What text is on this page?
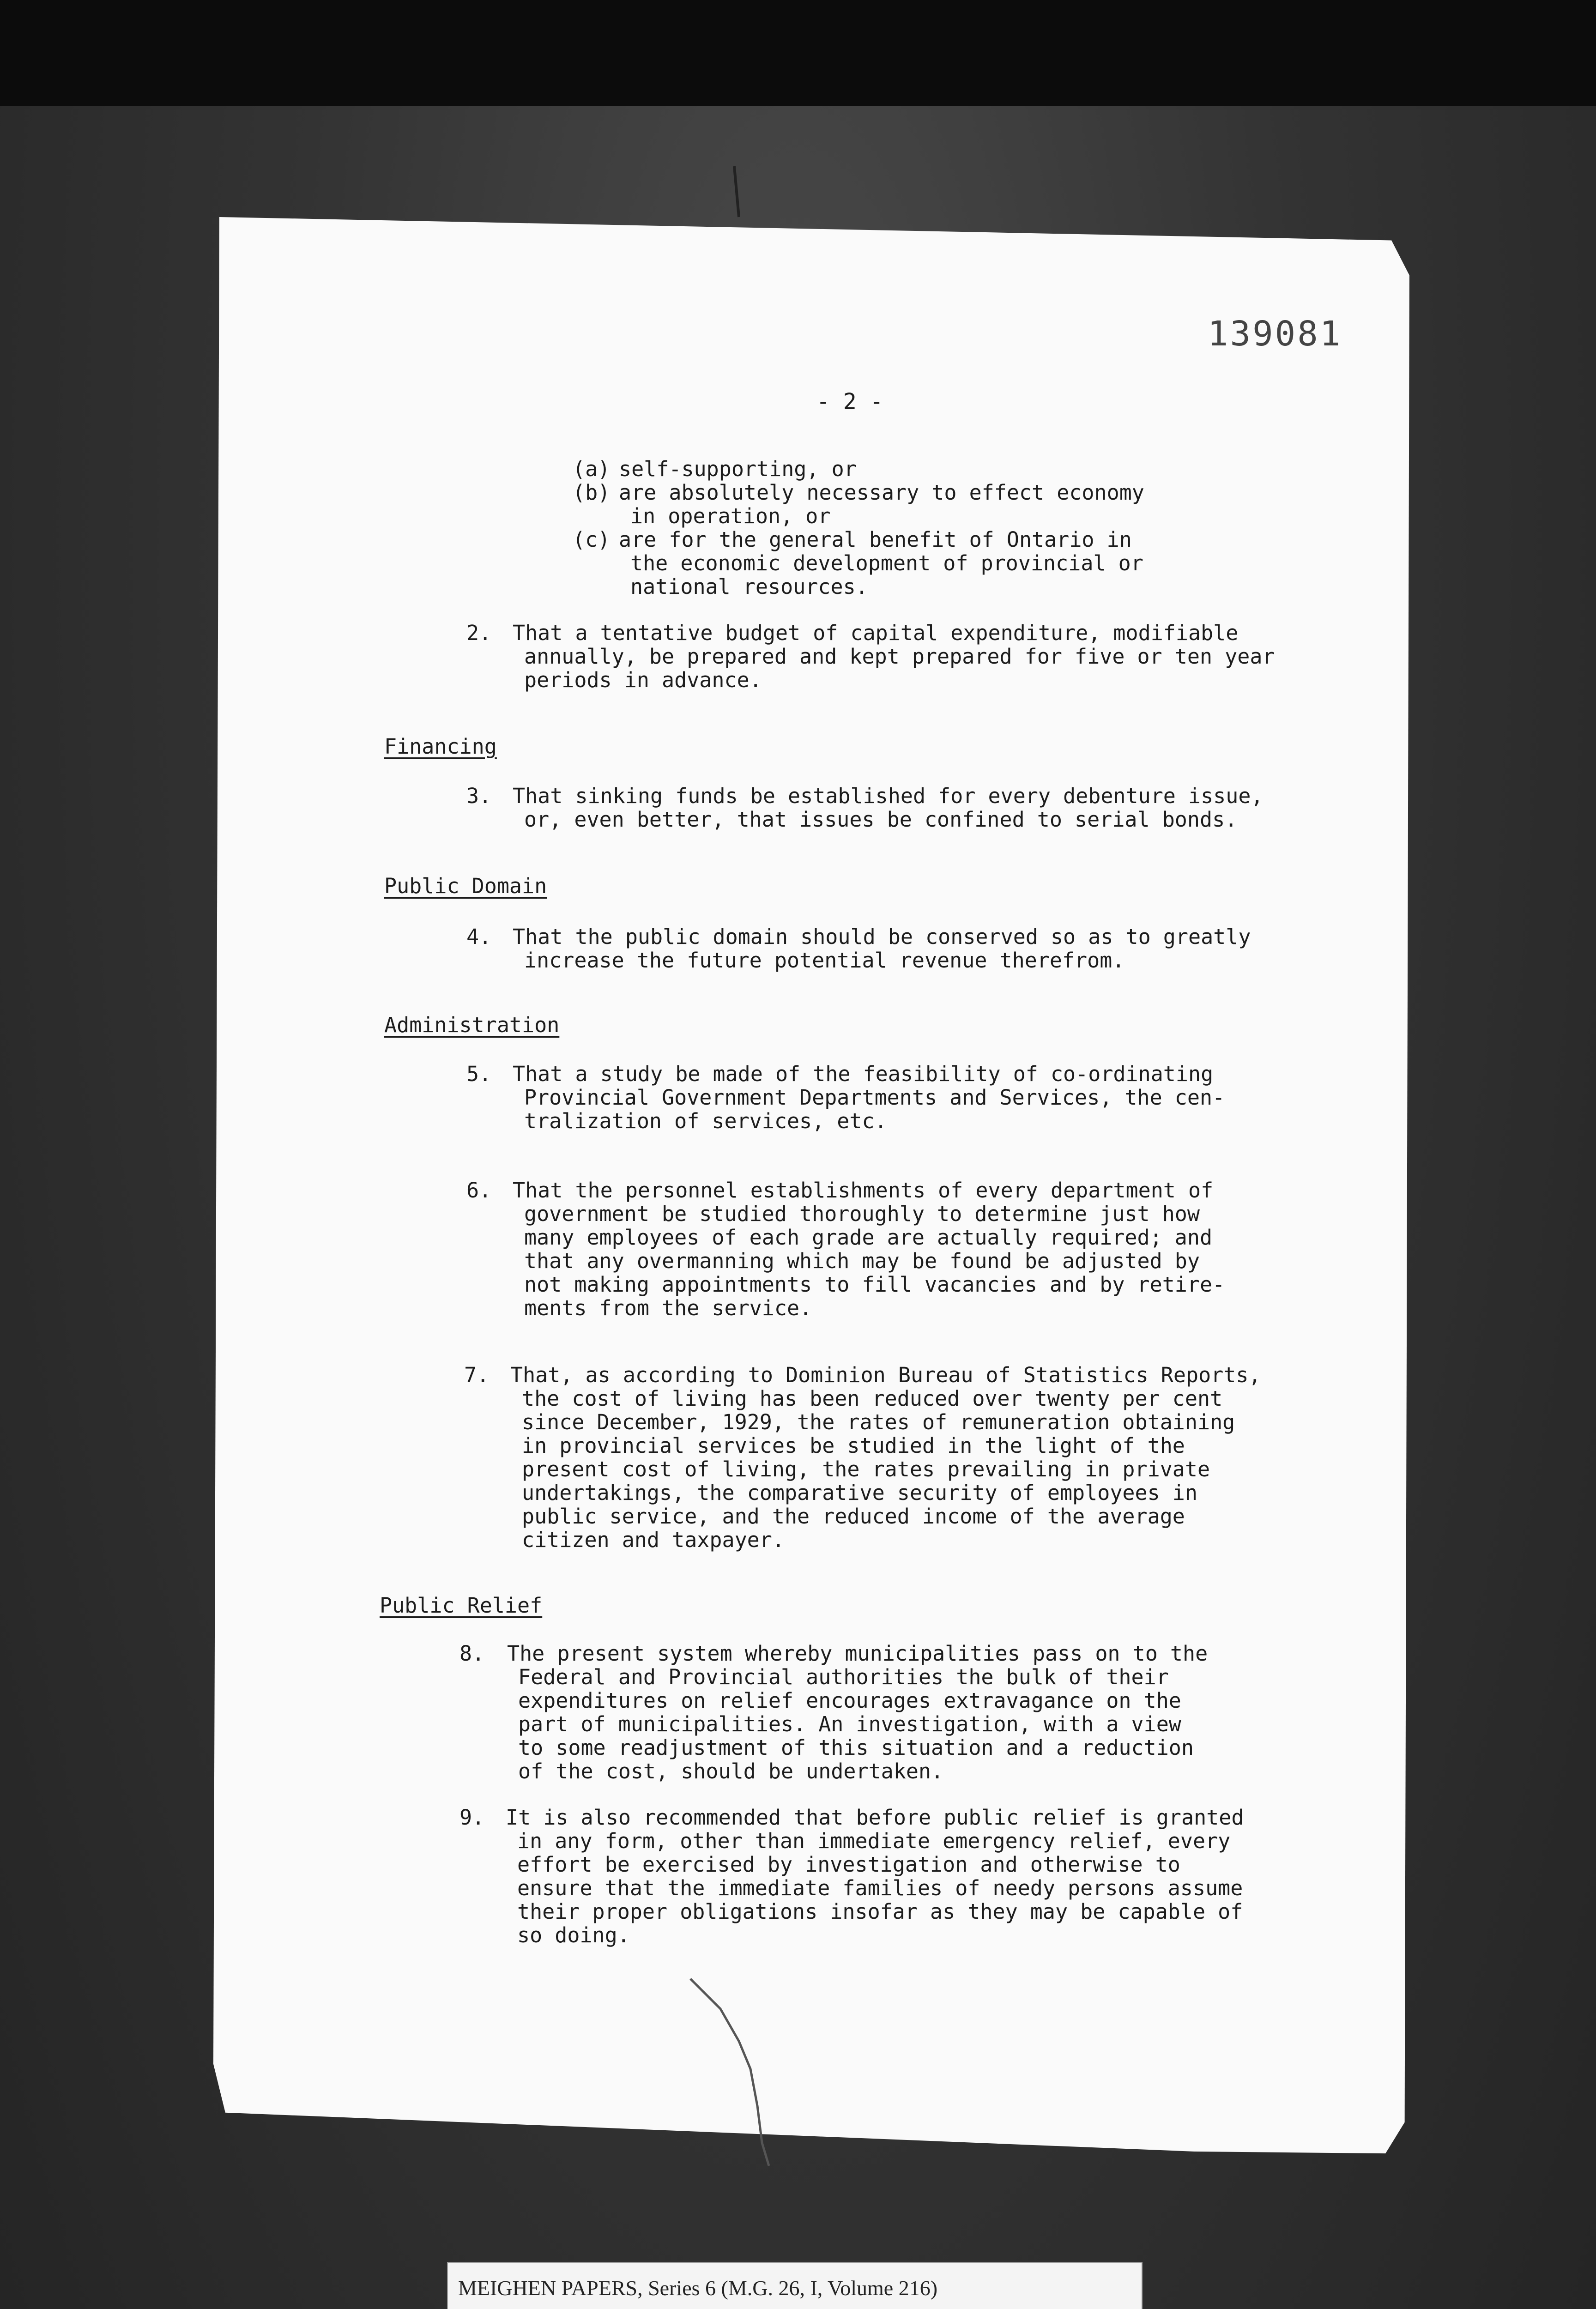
139081
- 2 -
(a) self-supporting, or
(b) are absolutely necessary to effect economy
in operation, or
(c) are for the general benefit of Ontario in
the economic development of provincial or
national resources.
2. That a tentative budget of capital expenditure, modifiable
annually, be prepared and kept prepared for five or ten year
periods in advance.
Financing
3. That sinking funds be established for every debenture issue,
or, even better, that issues be confined to serial bonds.
Public Domain
4. That the public domain should be conserved so as to greatly
increase the future potential revenue therefrom.
Administration
5. That a study be made of the feasibility of co-ordinating
Provincial Government Departments and Services, the cen-
tralization of services, etc.
6. That the personnel establishments of every department of
government be studied thoroughly to determine just how
many employees of each grade are actually required; and
that any overmanning which may be found be adjusted by
not making appointments to fill vacancies and by retire-
ments from the service.
7. That, as according to Dominion Bureau of Statistics Reports,
the cost of living has been reduced over twenty per cent
since December, 1929, the rates of remuneration obtaining
in provincial services be studied in the light of the
present cost of living, the rates prevailing in private
undertakings, the comparative security of employees in
public service, and the reduced income of the average
citizen and taxpayer.
Public Relief
8. The present system whereby municipalities pass on to the
Federal and Provincial authorities the bulk of their
expenditures on relief encourages extravagance on the
part of municipalities. An investigation, with a view
to some readjustment of this situation and a reduction
of the cost, should be undertaken.
9. It is also recommended that before public relief is granted
in any form, other than immediate emergency relief, every
effort be exercised by investigation and otherwise to
ensure that the immediate families of needy persons assume
their proper obligations insofar as they may be capable of
so doing.
MEIGHEN PAPERS, Series 6 (M.G. 26, I, Volume 216)
